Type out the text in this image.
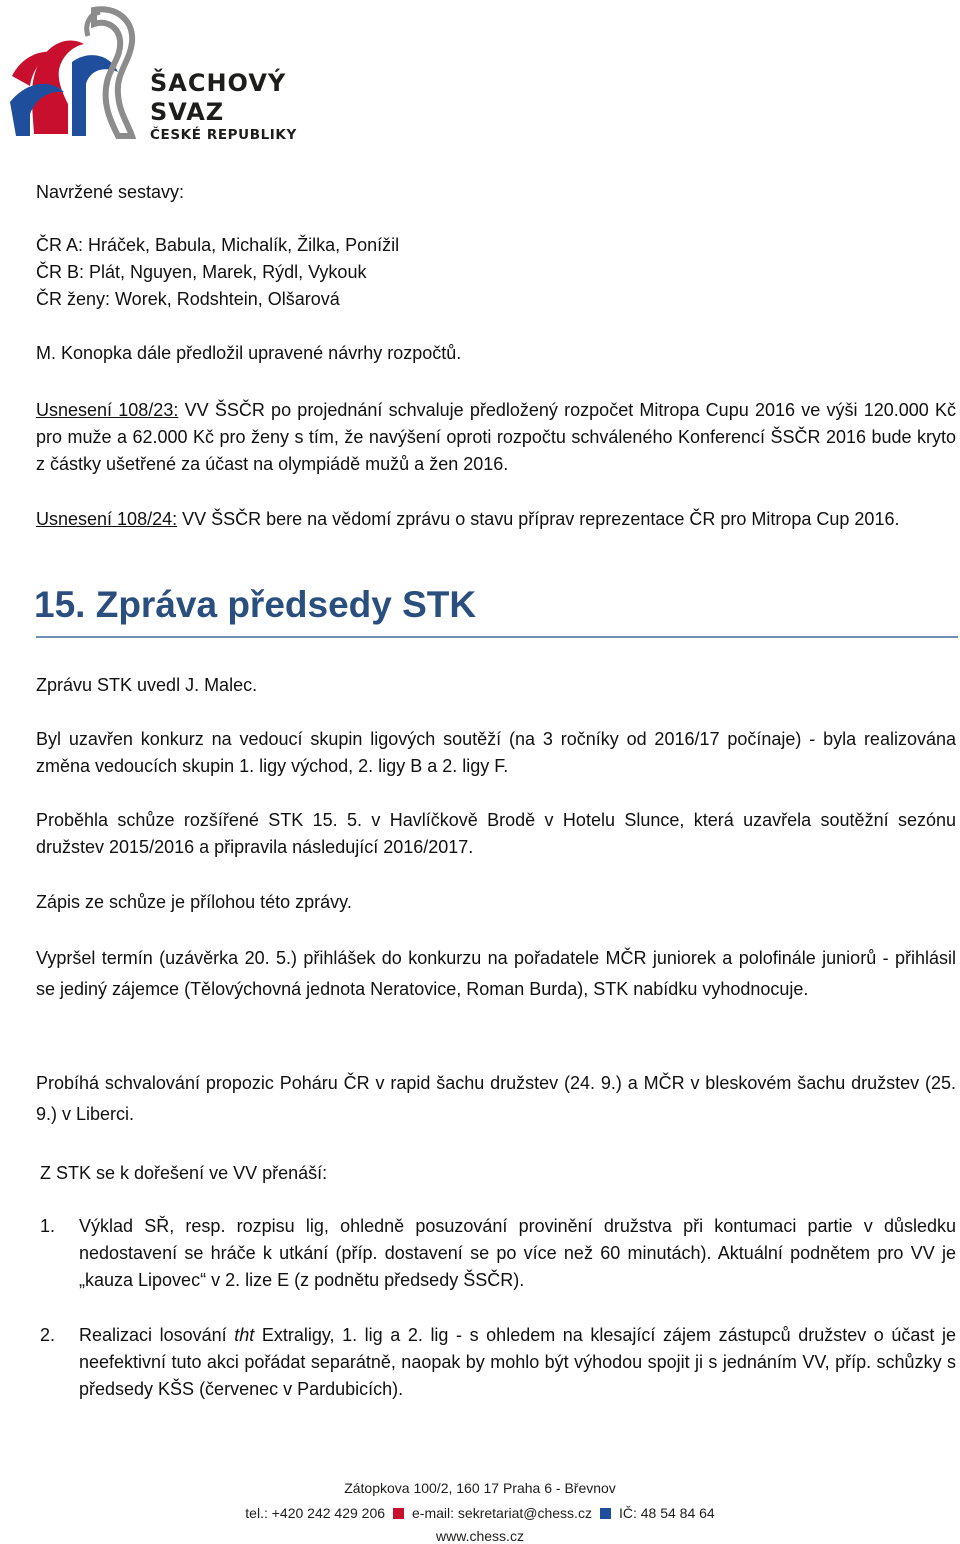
ŠACHOVÝ
SVAZ
ČESKÉ REPUBLIKY

Navržené sestavy:

ČR A: Hráček, Babula, Michalík, Žilka, Ponížil

ČR B: Plát, Nguyen, Marek, Rýdl, Vykouk

ČR ženy: Worek, Rodshtein, Olšarová

M. Konopka dále předložil upravené návrhy rozpočtů.

Usnesení 108/23: VV ŠSČR po projednání schvaluje předložený rozpočet Mitropa Cupu 2016 ve výši 120.000 Kč pro muže a 62.000 Kč pro ženy s tím, že navýšení oproti rozpočtu schváleného Konferencí ŠSČR 2016 bude kryto z částky ušetřené za účast na olympiádě mužů a žen 2016.

Usnesení 108/24: VV ŠSČR bere na vědomí zprávu o stavu příprav reprezentace ČR pro Mitropa Cup 2016.

15. Zpráva předsedy STK

Zprávu STK uvedl J. Malec.

Byl uzavřen konkurz na vedoucí skupin ligových soutěží (na 3 ročníky od 2016/17 počínaje) - byla realizována změna vedoucích skupin 1. ligy východ, 2. ligy B a 2. ligy F.

Proběhla schůze rozšířené STK 15. 5. v Havlíčkově Brodě v Hotelu Slunce, která uzavřela soutěžní sezónu družstev 2015/2016 a připravila následující 2016/2017.

Zápis ze schůze je přílohou této zprávy.

Vypršel termín (uzávěrka 20. 5.) přihlášek do konkurzu na pořadatele MČR juniorek a polofinále juniorů - přihlásil se jediný zájemce (Tělovýchovná jednota Neratovice, Roman Burda), STK nabídku vyhodnocuje.

Probíhá schvalování propozic Poháru ČR v rapid šachu družstev (24. 9.) a MČR v bleskovém šachu družstev (25. 9.) v Liberci.

Z STK se k dořešení ve VV přenáší:

1. Výklad SŘ, resp. rozpisu lig, ohledně posuzování provinění družstva při kontumaci partie v důsledku nedostavení se hráče k utkání (příp. dostavení se po více než 60 minutách). Aktuální podnětem pro VV je „kauza Lipovec“ v 2. lize E (z podnětu předsedy ŠSČR).

2. Realizaci losování tht Extraligy, 1. lig a 2. lig - s ohledem na klesající zájem zástupců družstev o účast je neefektivní tuto akci pořádat separátně, naopak by mohlo být výhodou spojit ji s jednáním VV, příp. schůzky s předsedy KŠS (červenec v Pardubicích).

Zátopkova 100/2, 160 17 Praha 6 - Břevnov
tel.: +420 242 429 206 e-mail: sekretariat@chess.cz IČ: 48 54 84 64
www.chess.cz
